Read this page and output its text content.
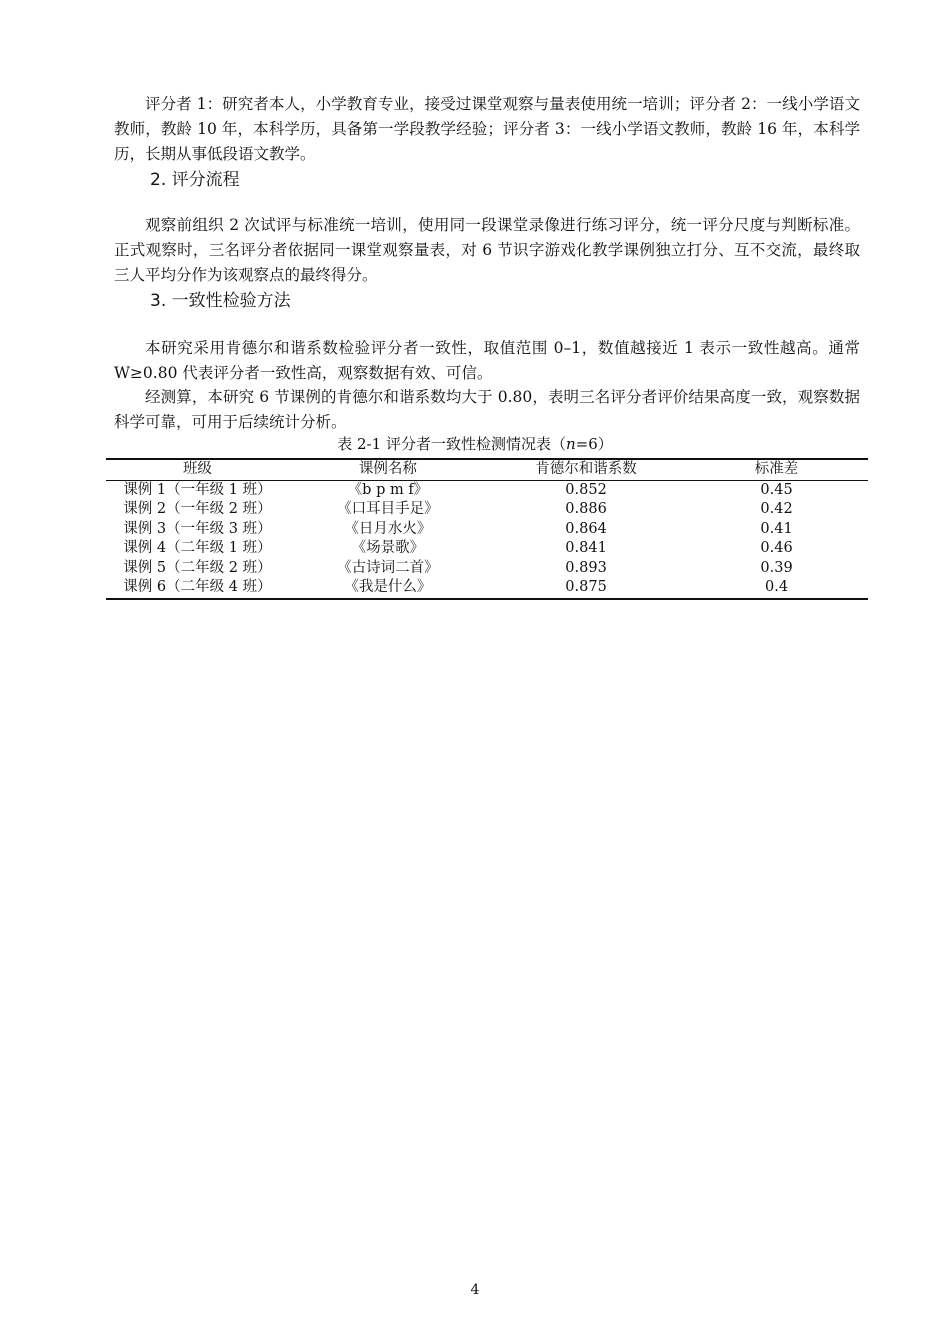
评分者 1：研究者本人，小学教育专业，接受过课堂观察与量表使用统一培训；评分者 2：一线小学语文教师，教龄 10 年，本科学历，具备第一学段教学经验；评分者 3：一线小学语文教师，教龄 16 年，本科学历，长期从事低段语文教学。

2. 评分流程

观察前组织 2 次试评与标准统一培训，使用同一段课堂录像进行练习评分，统一评分尺度与判断标准。正式观察时，三名评分者依据同一课堂观察量表，对 6 节识字游戏化教学课例独立打分、互不交流，最终取三人平均分作为该观察点的最终得分。

3. 一致性检验方法

本研究采用肯德尔和谐系数检验评分者一致性，取值范围 0–1，数值越接近 1 表示一致性越高。通常 W≥0.80 代表评分者一致性高，观察数据有效、可信。

经测算，本研究 6 节课例的肯德尔和谐系数均大于 0.80，表明三名评分者评价结果高度一致，观察数据科学可靠，可用于后续统计分析。

表 2-1 评分者一致性检测情况表（n=6）
班级	课例名称	肯德尔和谐系数	标准差
课例 1（一年级 1 班）	《b p m f》	0.852	0.45
课例 2（一年级 2 班）	《口耳目手足》	0.886	0.42
课例 3（一年级 3 班）	《日月水火》	0.864	0.41
课例 4（二年级 1 班）	《场景歌》	0.841	0.46
课例 5（二年级 2 班）	《古诗词二首》	0.893	0.39
课例 6（二年级 4 班）	《我是什么》	0.875	0.4
4
